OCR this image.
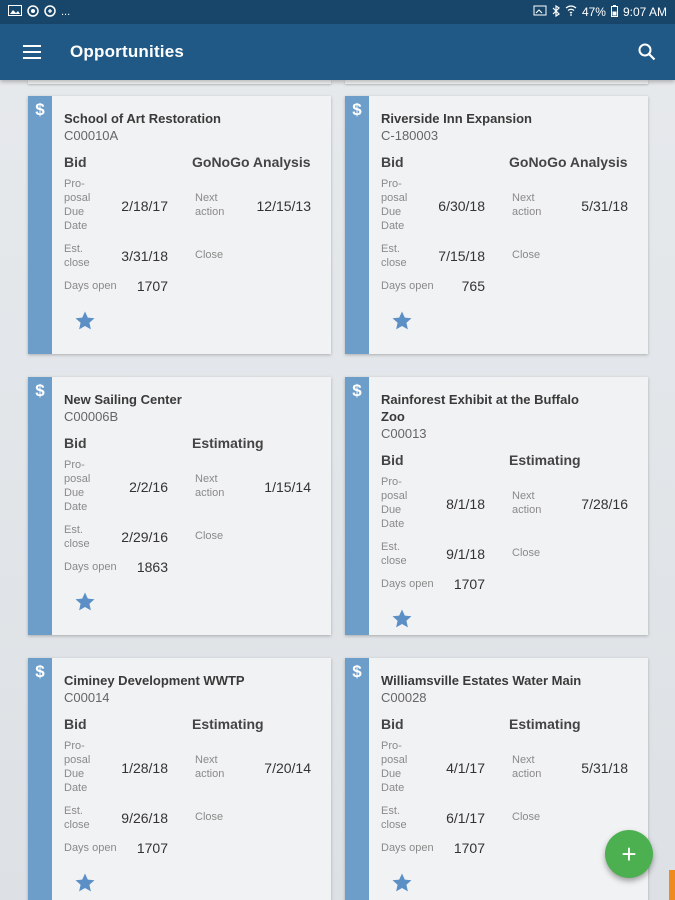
...	47% 9:07 AM
Opportunities
$ School of Art Restoration
C00010A
Bid	GoNoGo Analysis
Pro-
posal
Due
Date
2/18/17 Next
action 12/15/13
Est.
close 3/31/18 Close
Days open 1707
$ Riverside Inn Expansion
C-180003
Bid	GoNoGo Analysis
Pro-
posal
Due
Date
6/30/18 Next
action	5/31/18
Est.
close 7/15/18 Close
Days open 765
$ New Sailing Center
C00006B
Bid	Estimating
Pro-
posal
Due
Date
2/2/16 Next
action	1/15/14
Est.
close 2/29/16 Close
Days open 1863
$ Rainforest Exhibit at the Buffalo Zoo
C00013
Bid	Estimating
Pro-
posal
Due
Date
8/1/18 Next
action	7/28/16
Est.
close	9/1/18 Close
Days open 1707
$ Ciminey Development WWTP
C00014
Bid	Estimating
Pro-
posal
Due
Date
1/28/18 Next
action	7/20/14
Est.
close 9/26/18 Close
Days open 1707
$ Williamsville Estates Water Main
C00028
Bid	Estimating
Pro-
posal
Due
Date
4/1/17 Next
action	5/31/18
Est.
close	6/1/17 Close
Days open 1707	+
